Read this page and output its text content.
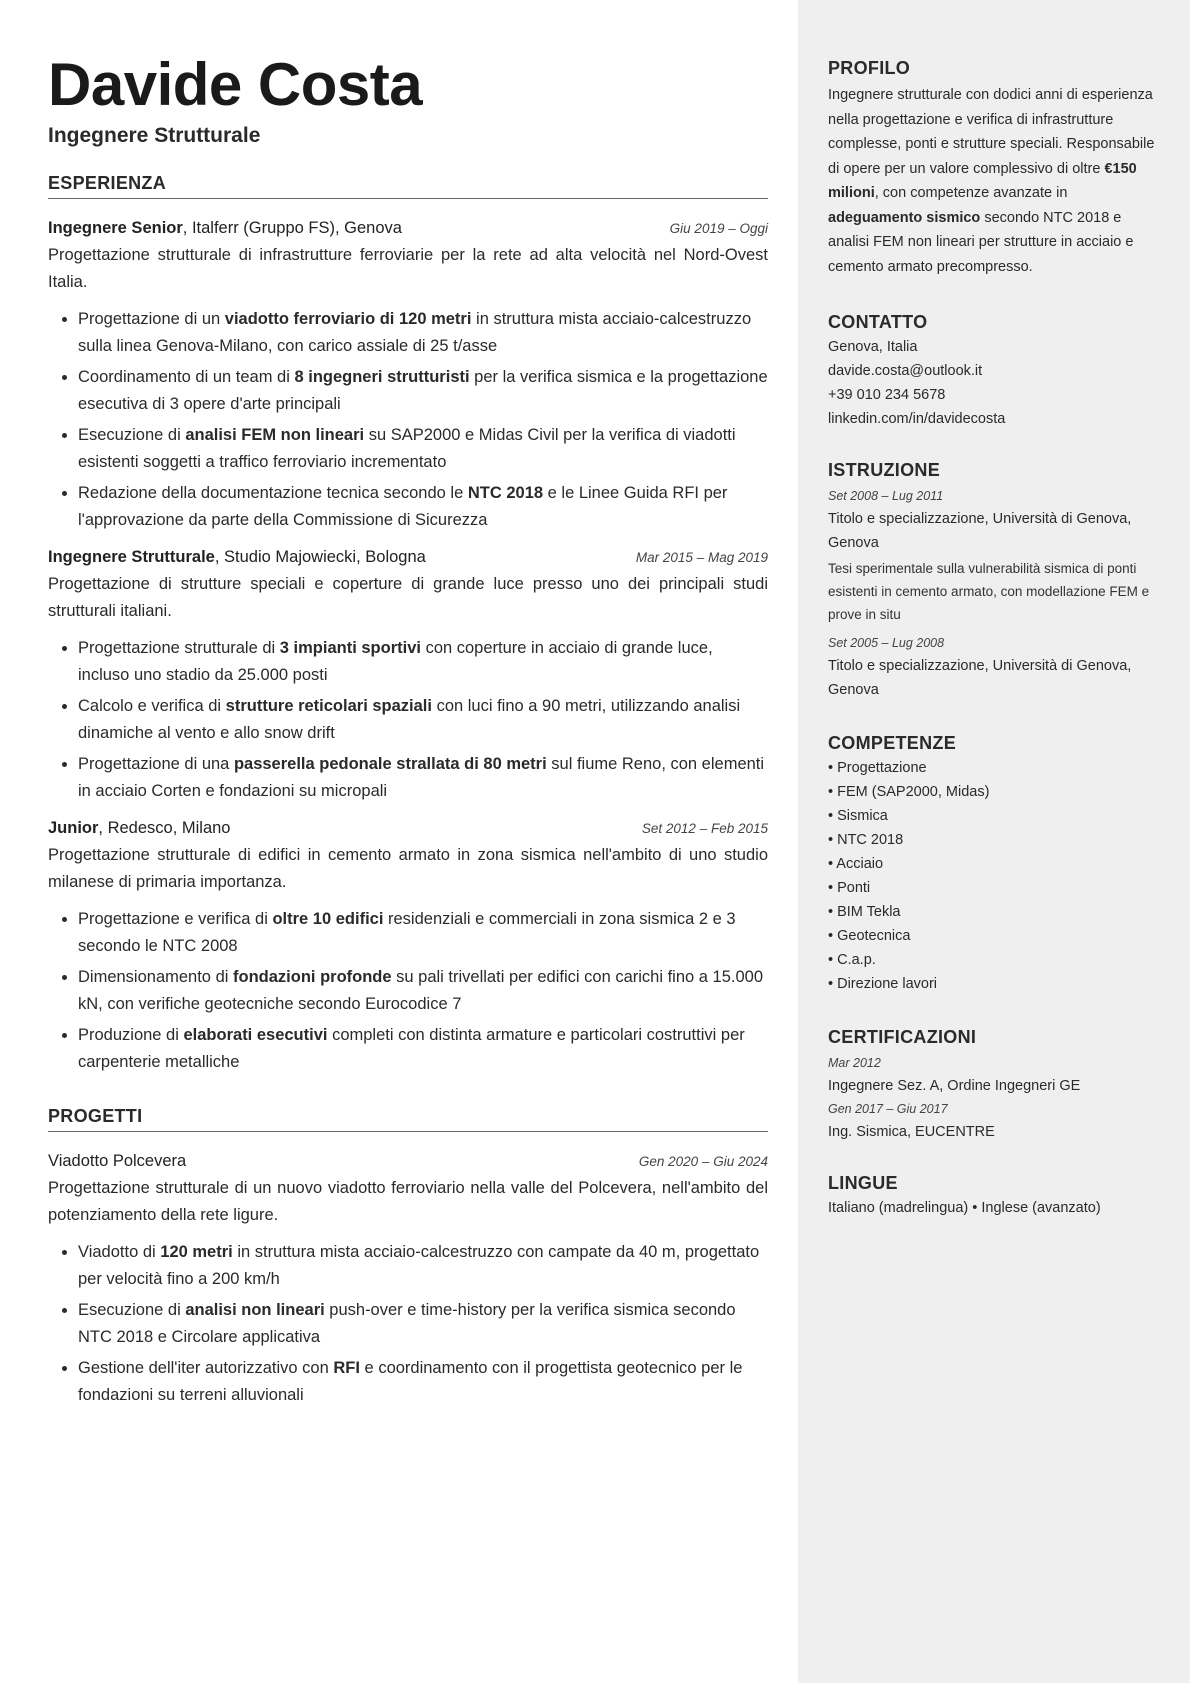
Davide Costa
Ingegnere Strutturale
ESPERIENZA
Ingegnere Senior, Italferr (Gruppo FS), Genova	Giu 2019 – Oggi
Progettazione strutturale di infrastrutture ferroviarie per la rete ad alta velocità nel Nord-Ovest Italia.
• Progettazione di un viadotto ferroviario di 120 metri in struttura mista acciaio-calcestruzzo sulla linea Genova-Milano, con carico assiale di 25 t/asse
• Coordinamento di un team di 8 ingegneri strutturisti per la verifica sismica e la progettazione esecutiva di 3 opere d'arte principali
• Esecuzione di analisi FEM non lineari su SAP2000 e Midas Civil per la verifica di viadotti esistenti soggetti a traffico ferroviario incrementato
• Redazione della documentazione tecnica secondo le NTC 2018 e le Linee Guida RFI per l'approvazione da parte della Commissione di Sicurezza
Ingegnere Strutturale, Studio Majowiecki, Bologna	Mar 2015 – Mag 2019
Progettazione di strutture speciali e coperture di grande luce presso uno dei principali studi strutturali italiani.
• Progettazione strutturale di 3 impianti sportivi con coperture in acciaio di grande luce, incluso uno stadio da 25.000 posti
• Calcolo e verifica di strutture reticolari spaziali con luci fino a 90 metri, utilizzando analisi dinamiche al vento e allo snow drift
• Progettazione di una passerella pedonale strallata di 80 metri sul fiume Reno, con elementi in acciaio Corten e fondazioni su micropali
Junior, Redesco, Milano	Set 2012 – Feb 2015
Progettazione strutturale di edifici in cemento armato in zona sismica nell'ambito di uno studio milanese di primaria importanza.
• Progettazione e verifica di oltre 10 edifici residenziali e commerciali in zona sismica 2 e 3 secondo le NTC 2008
• Dimensionamento di fondazioni profonde su pali trivellati per edifici con carichi fino a 15.000 kN, con verifiche geotecniche secondo Eurocodice 7
• Produzione di elaborati esecutivi completi con distinta armature e particolari costruttivi per carpenterie metalliche
PROGETTI
Viadotto Polcevera	Gen 2020 – Giu 2024
Progettazione strutturale di un nuovo viadotto ferroviario nella valle del Polcevera, nell'ambito del potenziamento della rete ligure.
• Viadotto di 120 metri in struttura mista acciaio-calcestruzzo con campate da 40 m, progettato per velocità fino a 200 km/h
• Esecuzione di analisi non lineari push-over e time-history per la verifica sismica secondo NTC 2018 e Circolare applicativa
• Gestione dell'iter autorizzativo con RFI e coordinamento con il progettista geotecnico per le fondazioni su terreni alluvionali
PROFILO
Ingegnere strutturale con dodici anni di esperienza nella progettazione e verifica di infrastrutture complesse, ponti e strutture speciali. Responsabile di opere per un valore complessivo di oltre €150 milioni, con competenze avanzate in adeguamento sismico secondo NTC 2018 e analisi FEM non lineari per strutture in acciaio e cemento armato precompresso.
CONTATTO
Genova, Italia
davide.costa@outlook.it
+39 010 234 5678
linkedin.com/in/davidecosta
ISTRUZIONE
Set 2008 – Lug 2011
Titolo e specializzazione, Università di Genova, Genova
Tesi sperimentale sulla vulnerabilità sismica di ponti esistenti in cemento armato, con modellazione FEM e prove in situ
Set 2005 – Lug 2008
Titolo e specializzazione, Università di Genova, Genova
COMPETENZE
• Progettazione
• FEM (SAP2000, Midas)
• Sismica
• NTC 2018
• Acciaio
• Ponti
• BIM Tekla
• Geotecnica
• C.a.p.
• Direzione lavori
CERTIFICAZIONI
Mar 2012
Ingegnere Sez. A, Ordine Ingegneri GE
Gen 2017 – Giu 2017
Ing. Sismica, EUCENTRE
LINGUE
Italiano (madrelingua) • Inglese (avanzato)
